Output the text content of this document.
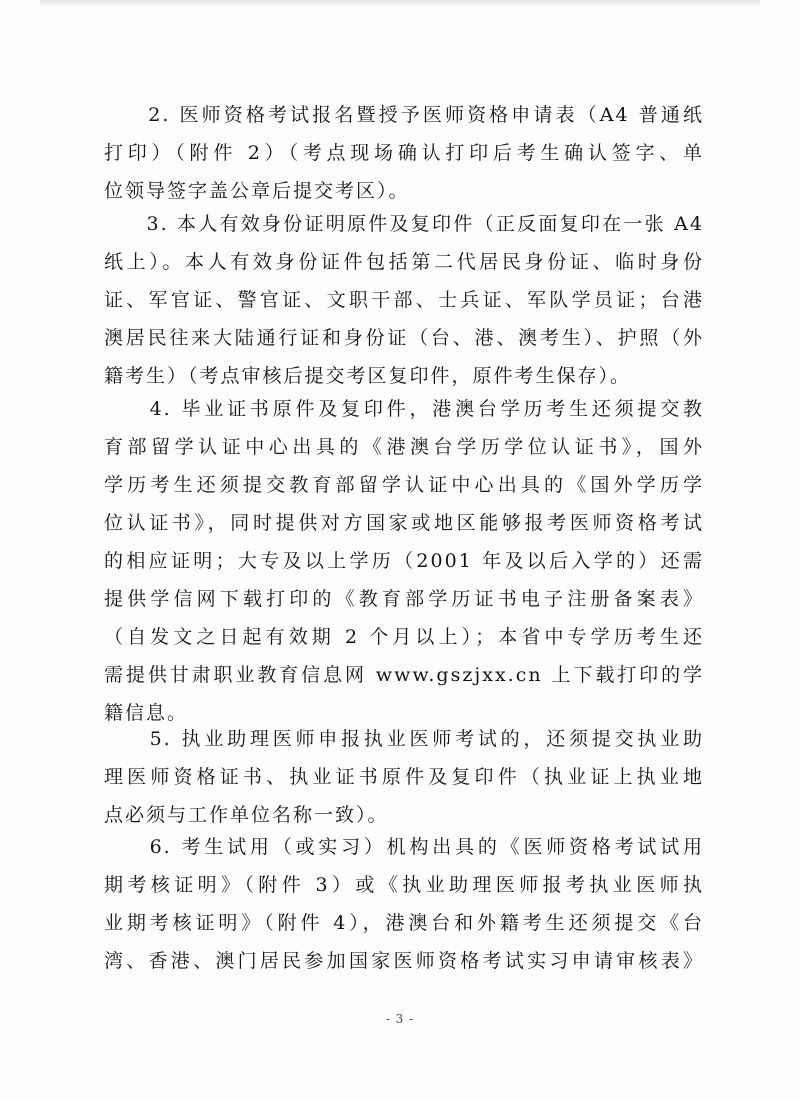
　　2. 医师资格考试报名暨授予医师资格申请表（A4 普通纸
打印）（附件 2）（考点现场确认打印后考生确认签字、单
位领导签字盖公章后提交考区）。
　　3. 本人有效身份证明原件及复印件（正反面复印在一张 A4
纸上）。本人有效身份证件包括第二代居民身份证、临时身份
证、军官证、警官证、文职干部、士兵证、军队学员证；台港
澳居民往来大陆通行证和身份证（台、港、澳考生）、护照（外
籍考生）（考点审核后提交考区复印件，原件考生保存）。
　　4. 毕业证书原件及复印件，港澳台学历考生还须提交教
育部留学认证中心出具的《港澳台学历学位认证书》，国外
学历考生还须提交教育部留学认证中心出具的《国外学历学
位认证书》，同时提供对方国家或地区能够报考医师资格考试
的相应证明；大专及以上学历（2001 年及以后入学的）还需
提供学信网下载打印的《教育部学历证书电子注册备案表》
（自发文之日起有效期 2 个月以上）；本省中专学历考生还
需提供甘肃职业教育信息网 www.gszjxx.cn 上下载打印的学
籍信息。
　　5. 执业助理医师申报执业医师考试的，还须提交执业助
理医师资格证书、执业证书原件及复印件（执业证上执业地
点必须与工作单位名称一致）。
　　6. 考生试用（或实习）机构出具的《医师资格考试试用
期考核证明》（附件 3）或《执业助理医师报考执业医师执
业期考核证明》（附件 4），港澳台和外籍考生还须提交《台
湾、香港、澳门居民参加国家医师资格考试实习申请审核表》
- 3 -
